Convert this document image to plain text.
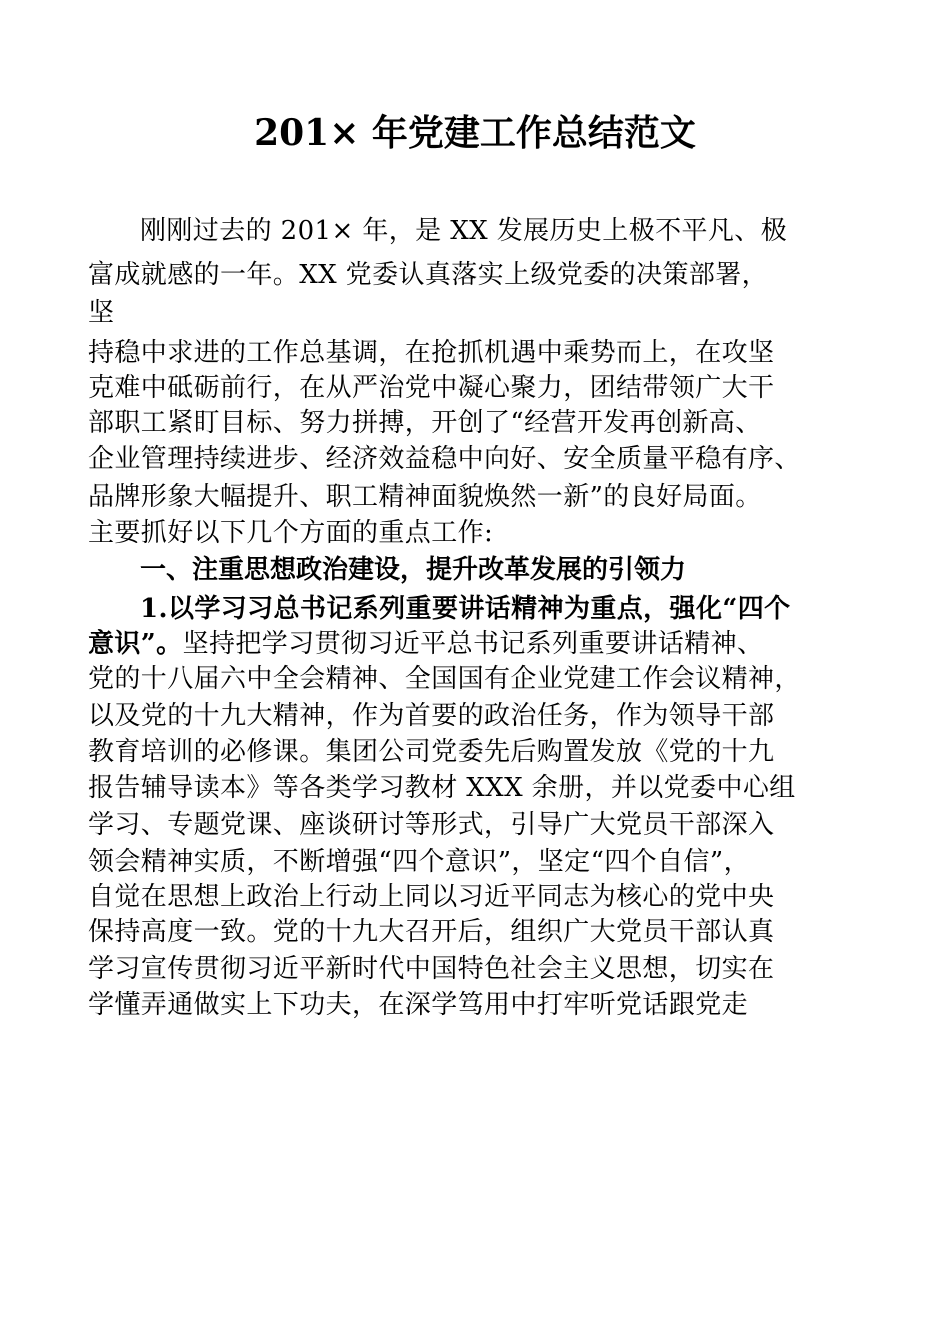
201× 年党建工作总结范文
刚刚过去的 201× 年，是 XX 发展历史上极不平凡、极
富成就感的一年。XX 党委认真落实上级党委的决策部署，
坚
持稳中求进的工作总基调，在抢抓机遇中乘势而上，在攻坚
克难中砥砺前行，在从严治党中凝心聚力，团结带领广大干
部职工紧盯目标、努力拼搏，开创了“经营开发再创新高、
企业管理持续进步、经济效益稳中向好、安全质量平稳有序、
品牌形象大幅提升、职工精神面貌焕然一新”的良好局面。
主要抓好以下几个方面的重点工作:
一、注重思想政治建设，提升改革发展的引领力
1.以学习习总书记系列重要讲话精神为重点，强化“四个
意识”。坚持把学习贯彻习近平总书记系列重要讲话精神、
党的十八届六中全会精神、全国国有企业党建工作会议精神，
以及党的十九大精神，作为首要的政治任务，作为领导干部
教育培训的必修课。集团公司党委先后购置发放《党的十九
报告辅导读本》等各类学习教材 XXX 余册，并以党委中心组
学习、专题党课、座谈研讨等形式，引导广大党员干部深入
领会精神实质，不断增强“四个意识”，坚定“四个自信”，
自觉在思想上政治上行动上同以习近平同志为核心的党中央
保持高度一致。党的十九大召开后，组织广大党员干部认真
学习宣传贯彻习近平新时代中国特色社会主义思想，切实在
学懂弄通做实上下功夫，在深学笃用中打牢听党话跟党走
